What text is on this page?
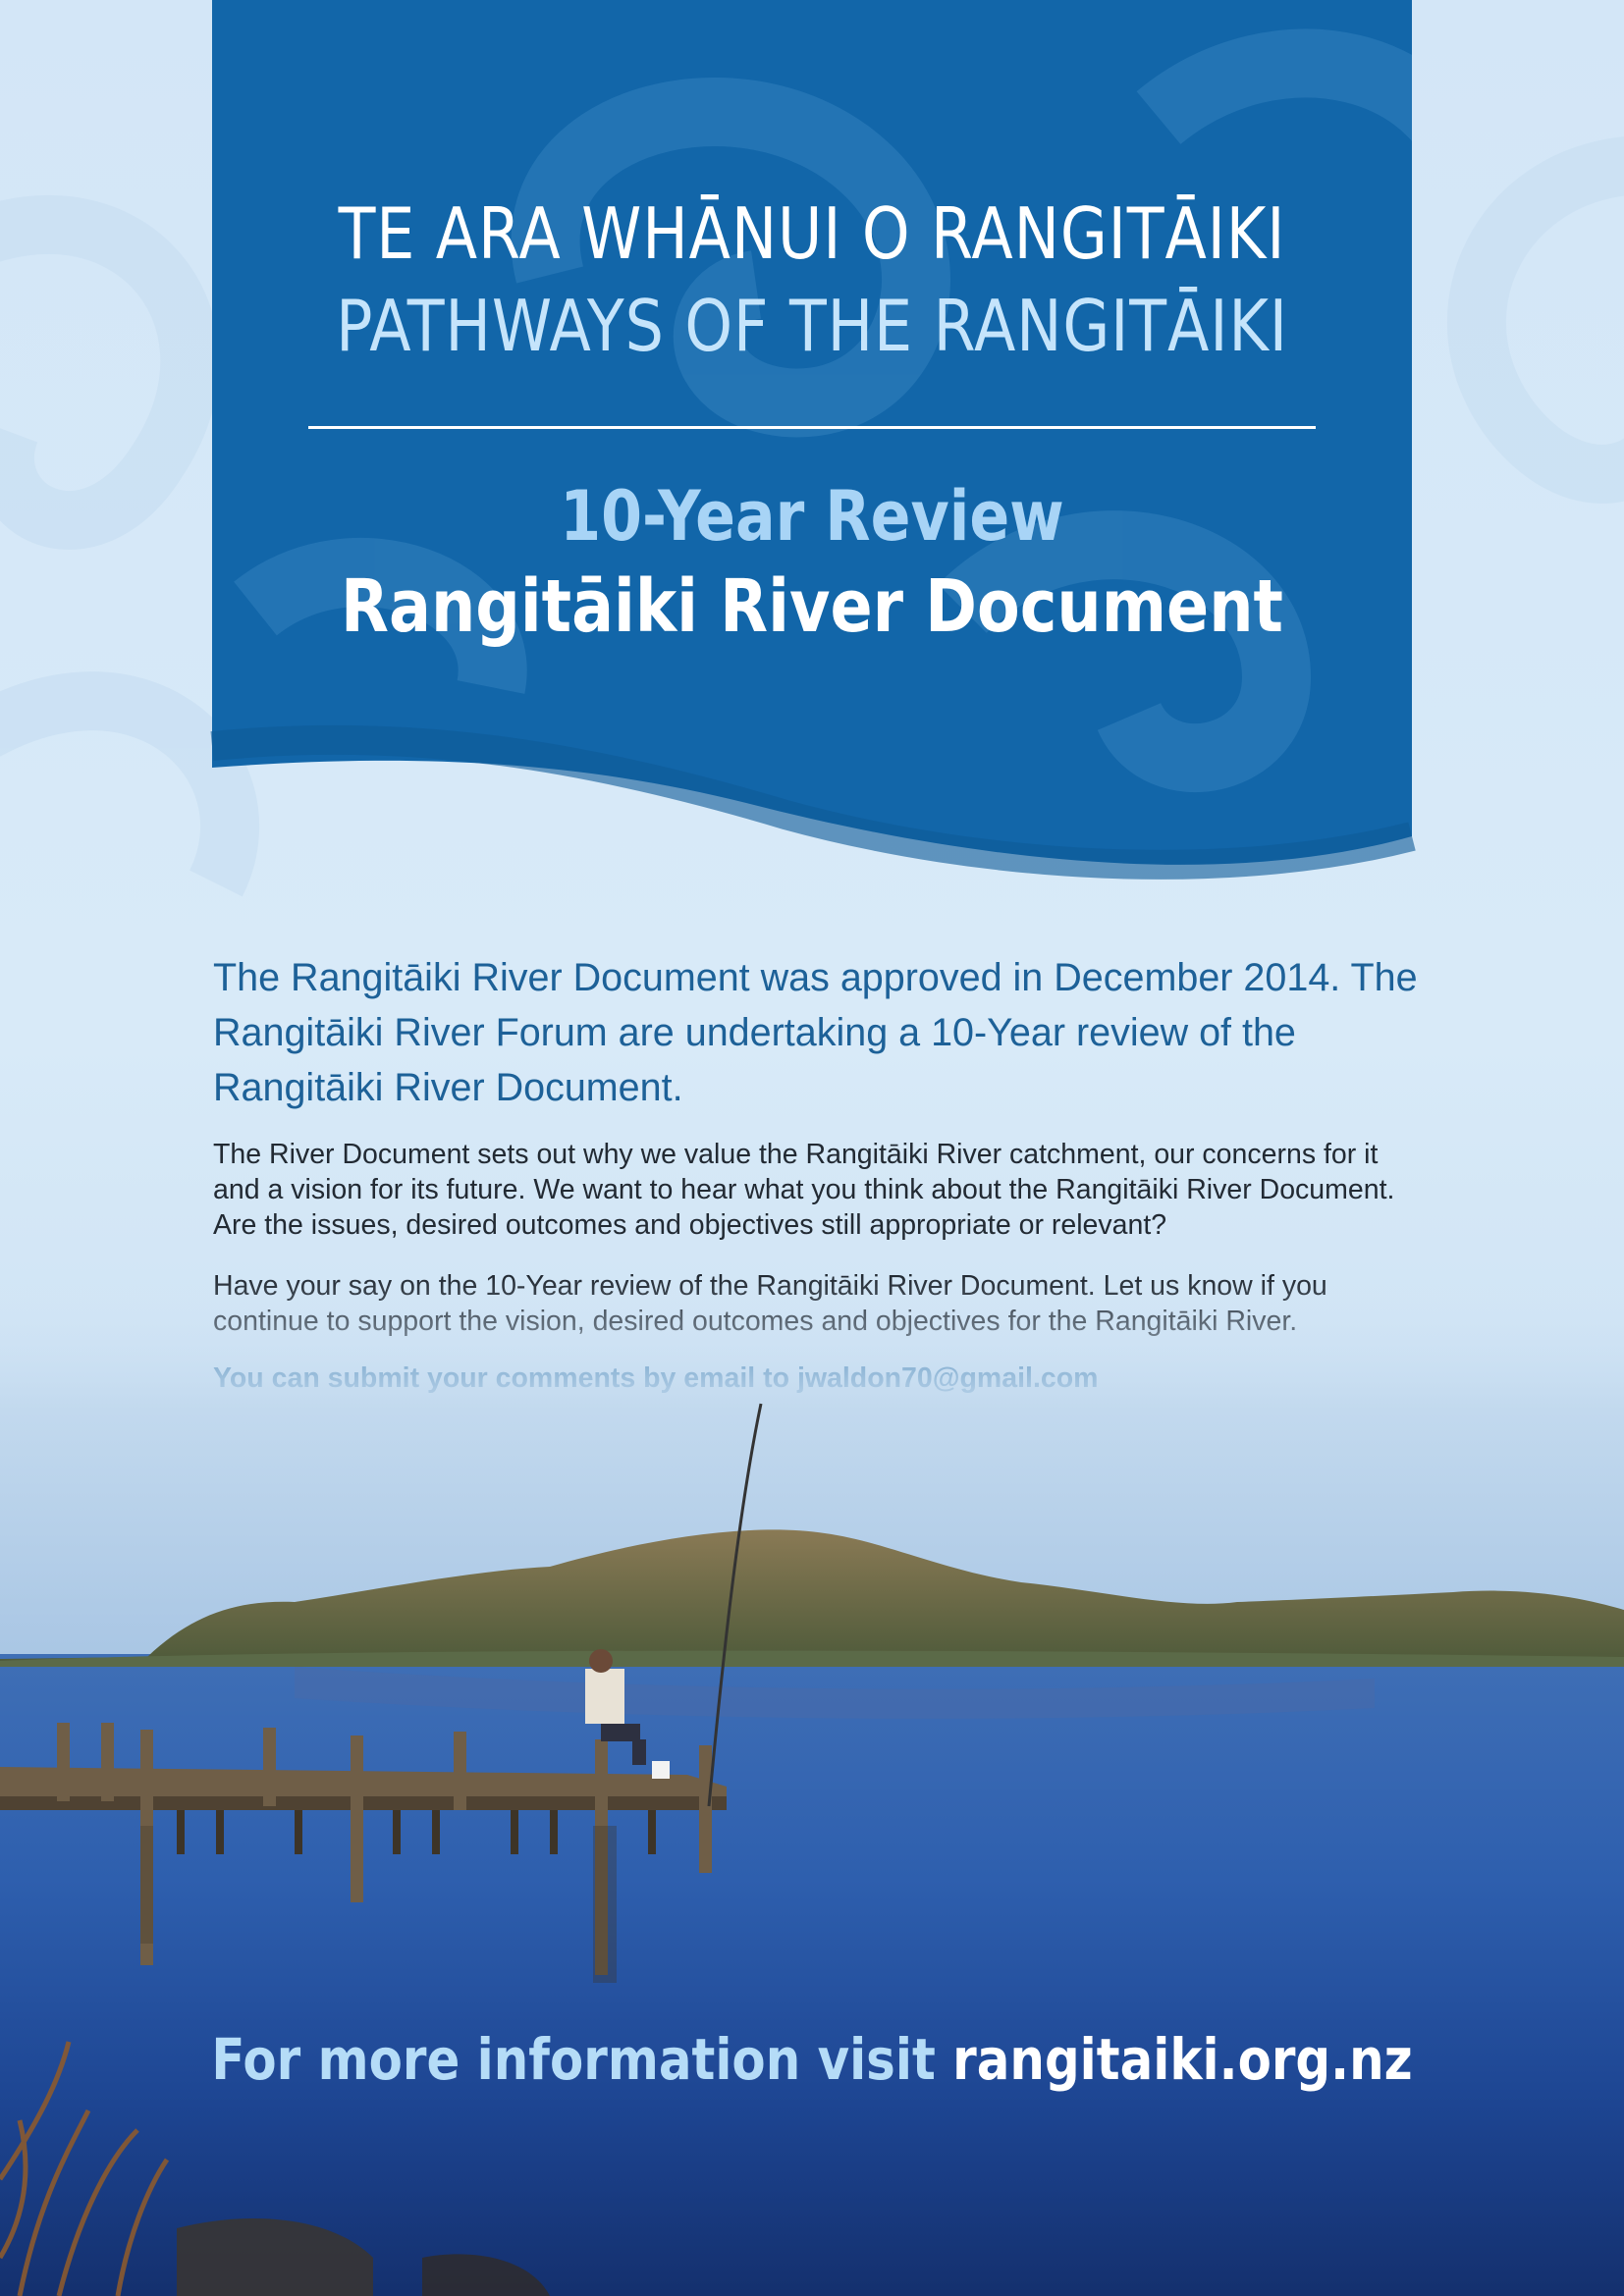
TE ARA WHĀNUI O RANGITĀIKI
PATHWAYS OF THE RANGITĀIKI
10-Year Review
Rangitāiki River Document

The Rangitāiki River Document was approved in December 2014. The Rangitāiki River Forum are undertaking a 10-Year review of the Rangitāiki River Document.

The River Document sets out why we value the Rangitāiki River catchment, our concerns for it and a vision for its future. We want to hear what you think about the Rangitāiki River Document. Are the issues, desired outcomes and objectives still appropriate or relevant?

For more information visit rangitaiki.org.nz
